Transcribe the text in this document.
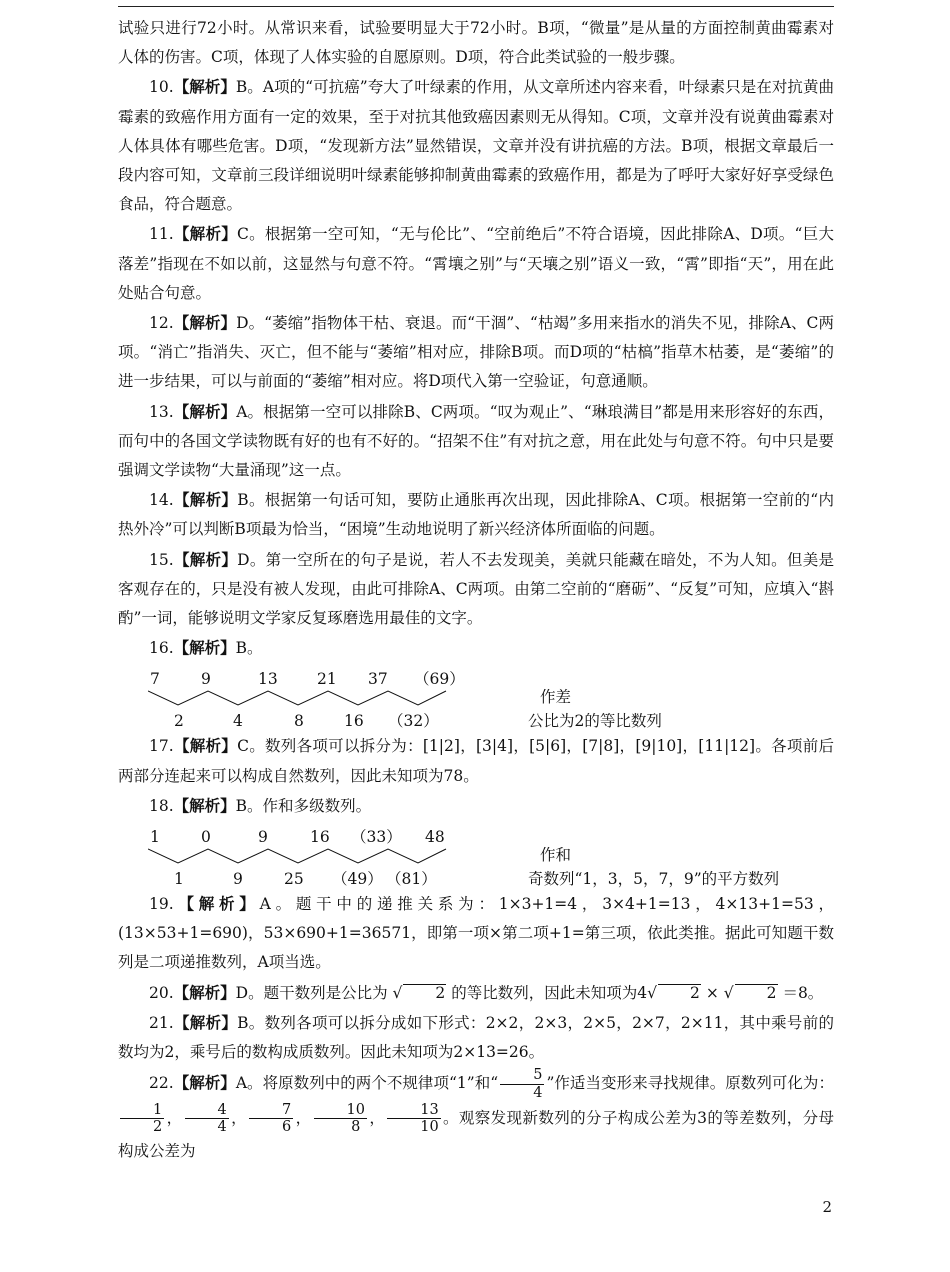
试验只进行72小时。从常识来看，试验要明显大于72小时。B项，“微量”是从量的方面控制黄曲霉素对人体的伤害。C项，体现了人体实验的自愿原则。D项，符合此类试验的一般步骤。

10.【解析】B。A项的“可抗癌”夸大了叶绿素的作用，从文章所述内容来看，叶绿素只是在对抗黄曲霉素的致癌作用方面有一定的效果，至于对抗其他致癌因素则无从得知。C项，文章并没有说黄曲霉素对人体具体有哪些危害。D项，“发现新方法”显然错误，文章并没有讲抗癌的方法。B项，根据文章最后一段内容可知，文章前三段详细说明叶绿素能够抑制黄曲霉素的致癌作用，都是为了呼吁大家好好享受绿色食品，符合题意。

11.【解析】C。根据第一空可知，“无与伦比”、“空前绝后”不符合语境，因此排除A、D项。“巨大落差”指现在不如以前，这显然与句意不符。“霄壤之别”与“天壤之别”语义一致，“霄”即指“天”，用在此处贴合句意。

12.【解析】D。“萎缩”指物体干枯、衰退。而“干涸”、“枯竭”多用来指水的消失不见，排除A、C两项。“消亡”指消失、灭亡，但不能与“萎缩”相对应，排除B项。而D项的“枯槁”指草木枯萎，是“萎缩”的进一步结果，可以与前面的“萎缩”相对应。将D项代入第一空验证，句意通顺。

13.【解析】A。根据第一空可以排除B、C两项。“叹为观止”、“琳琅满目”都是用来形容好的东西，而句中的各国文学读物既有好的也有不好的。“招架不住”有对抗之意，用在此处与句意不符。句中只是要强调文学读物“大量涌现”这一点。

14.【解析】B。根据第一句话可知，要防止通胀再次出现，因此排除A、C项。根据第一空前的“内热外冷”可以判断B项最为恰当，“困境”生动地说明了新兴经济体所面临的问题。

15.【解析】D。第一空所在的句子是说，若人不去发现美，美就只能藏在暗处，不为人知。但美是客观存在的，只是没有被人发现，由此可排除A、C两项。由第二空前的“磨砺”、“反复”可知，应填入“斟酌”一词，能够说明文学家反复琢磨选用最佳的文字。

16.【解析】B。

7	9	13	21 37 （69）
2	4	8	16 （32）
作差
公比为2的等比数列

17.【解析】C。数列各项可以拆分为：[1|2]，[3|4]，[5|6]，[7|8]，[9|10]，[11|12]。各项前后两部分连起来可以构成自然数列，因此未知项为78。

18.【解析】B。作和多级数列。

1	0	9	16 （33） 48
1	9	25 （49） （81）
作和
奇数列“1，3，5，7，9”的平方数列

19.【解析】A。题干中的递推关系为：1×3+1=4，3×4+1=13，4×13+1=53，(13×53+1=690)，53×690+1=36571，即第一项×第二项+1=第三项，依此类推。据此可知题干数列是二项递推数列，A项当选。

20.【解析】D。题干数列是公比为 √ 2 的等比数列，因此未知项为4√ 2 × √ 2 ＝8。

21.【解析】B。数列各项可以拆分成如下形式：2×2，2×3，2×5，2×7，2×11，其中乘号前的数均为2，乘号后的数构成质数列。因此未知项为2×13=26。

22.【解析】A。将原数列中的两个不规律项“1”和“ $\frac{5}{4}$ ”作适当变形来寻找规律。原数列可化为：
$\frac{1}{2}$ ， $\frac{4}{4}$ ， $\frac{7}{6}$ ， $\frac{10}{8}$ ， $\frac{13}{10}$ 。观察发现新数列的分子构成公差为3的等差数列，分母构成公差为

2
